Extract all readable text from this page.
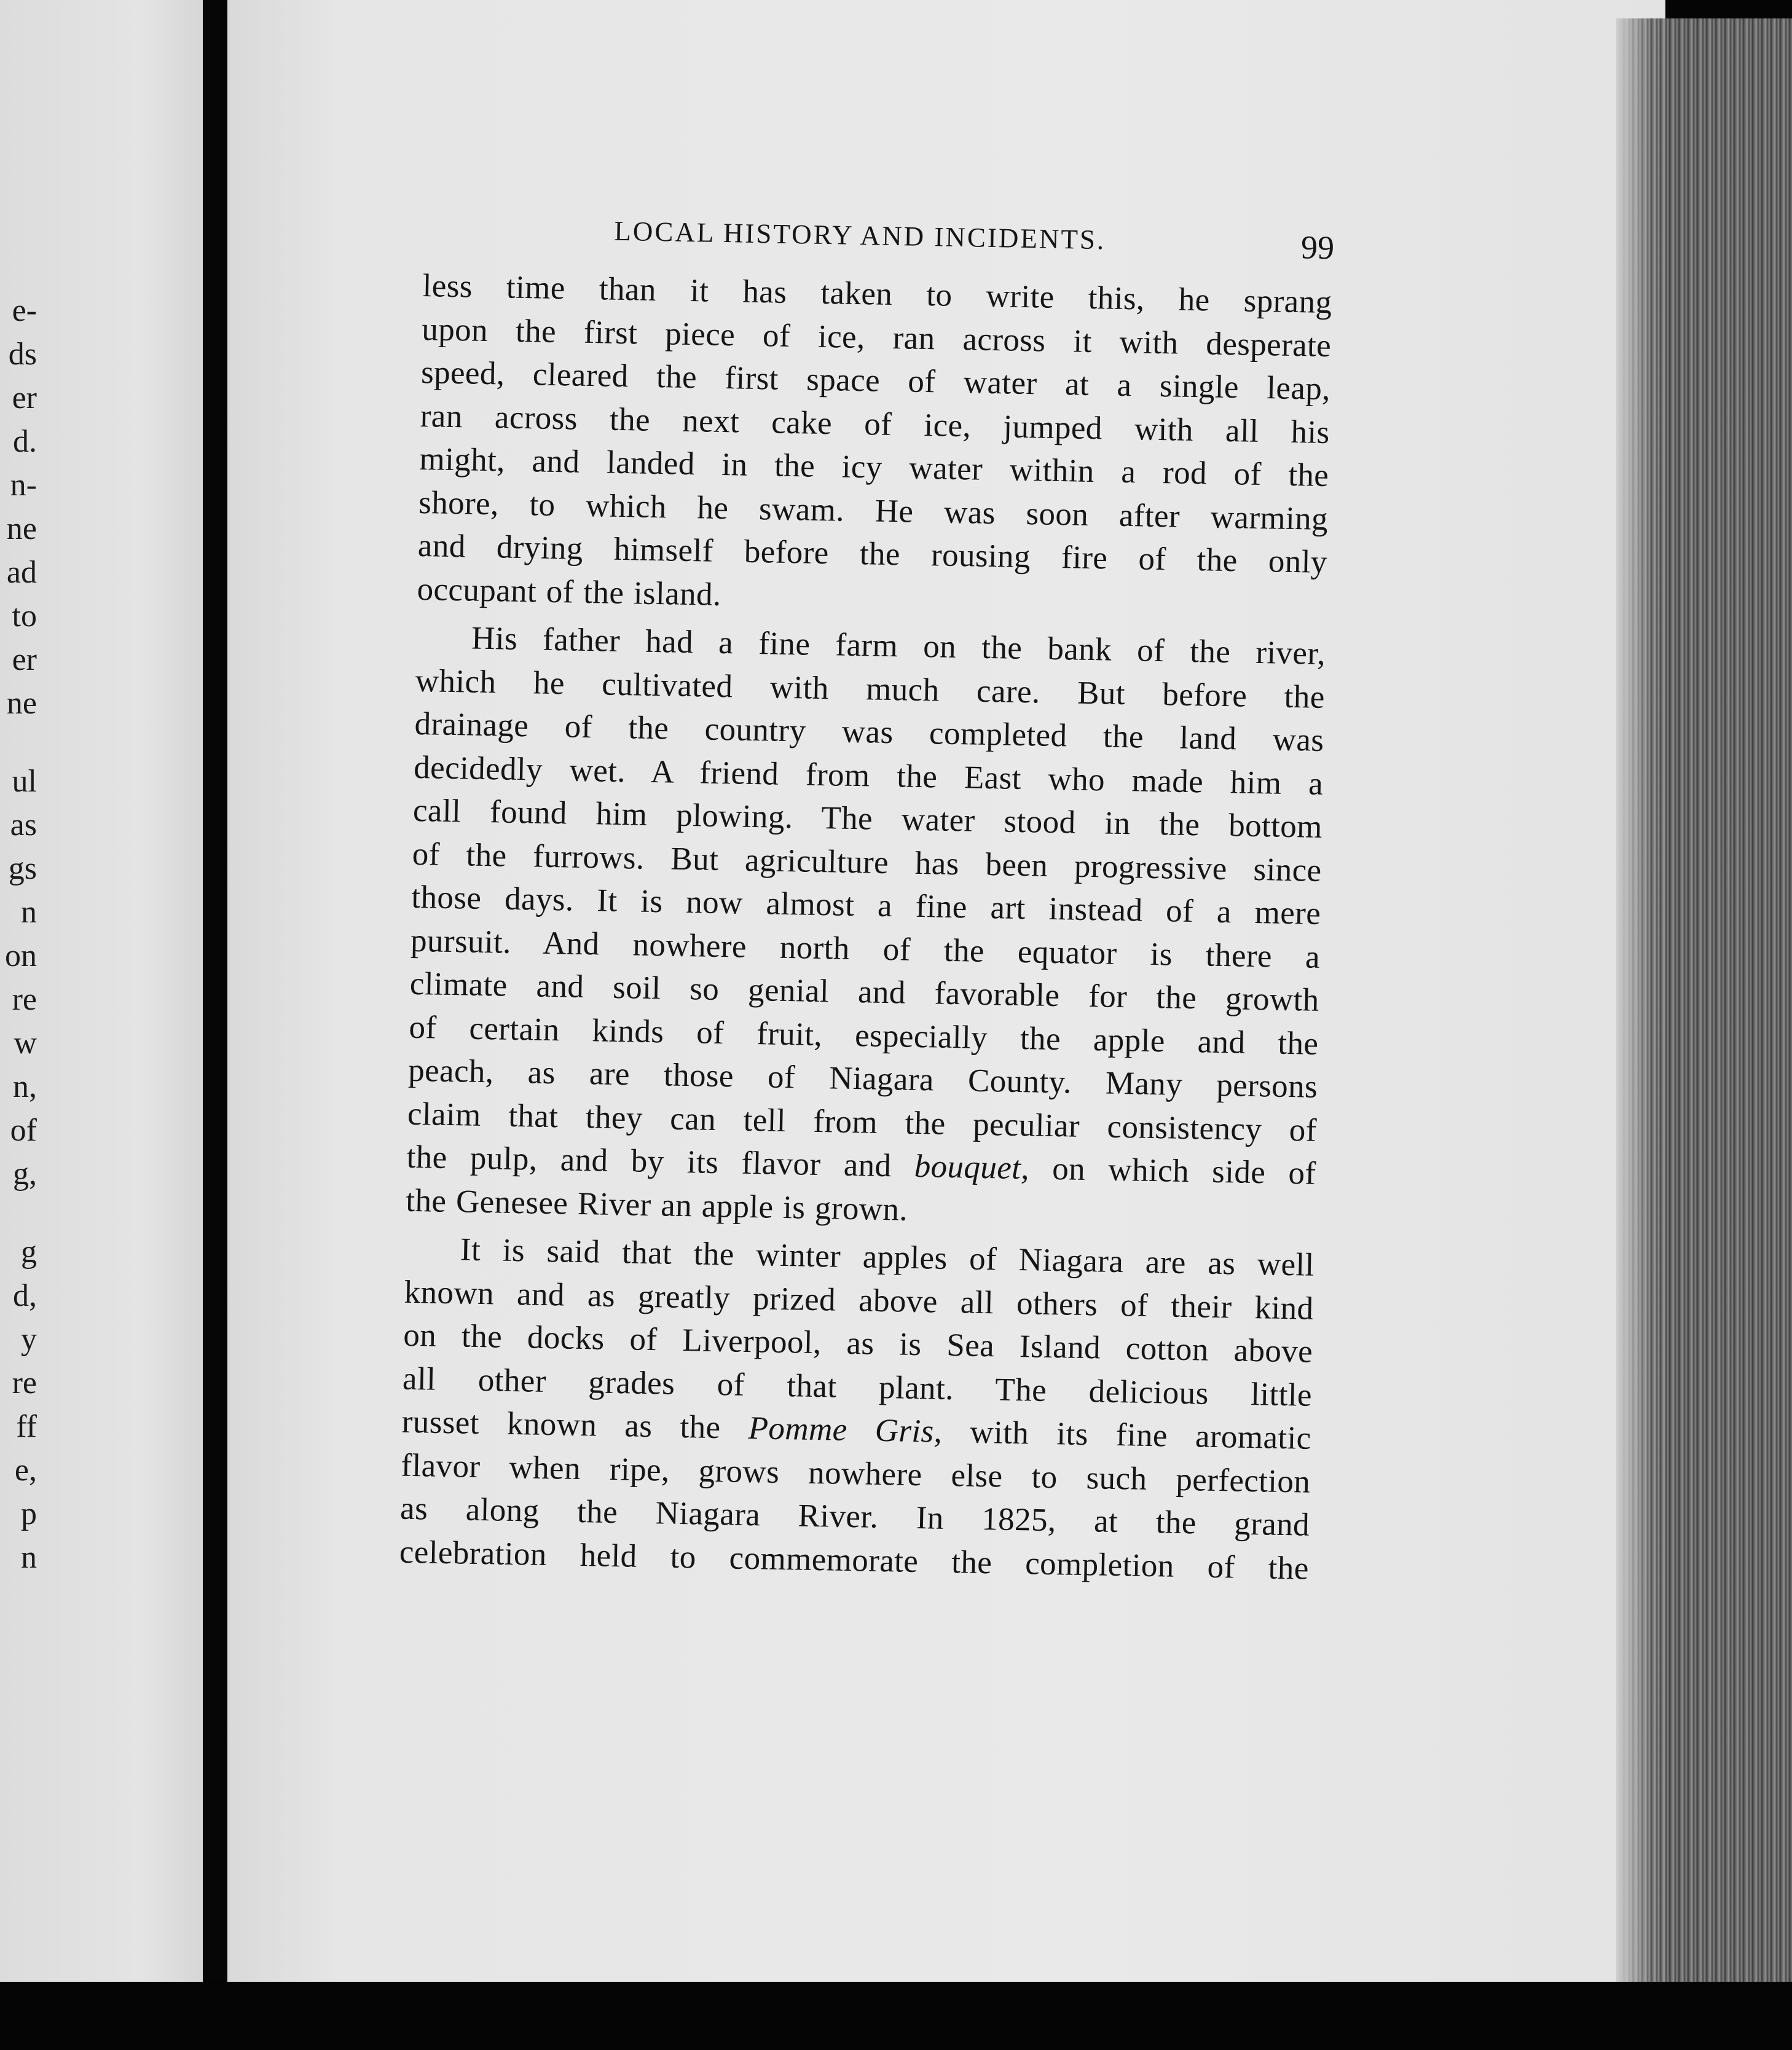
e-
ds
er
d.
n-
ne
ad
to
er
ne
ul
as
gs
n
on
re
w
n,
of
g,
g
d,
y
re
ff
e,
p
n
LOCAL HISTORY AND INCIDENTS.	99

less time than it has taken to write this, he sprang
upon the first piece of ice, ran across it with desperate
speed, cleared the first space of water at a single leap,
ran across the next cake of ice, jumped with all his
might, and landed in the icy water within a rod of the
shore, to which he swam. He was soon after warming
and drying himself before the rousing fire of the only
occupant of the island.

His father had a fine farm on the bank of the river,
which he cultivated with much care. But before the
drainage of the country was completed the land was
decidedly wet. A friend from the East who made him a
call found him plowing. The water stood in the bottom
of the furrows. But agriculture has been progressive since
those days. It is now almost a fine art instead of a mere
pursuit. And nowhere north of the equator is there a
climate and soil so genial and favorable for the growth
of certain kinds of fruit, especially the apple and the
peach, as are those of Niagara County. Many persons
claim that they can tell from the peculiar consistency of
the pulp, and by its flavor and bouquet, on which side of
the Genesee River an apple is grown.

It is said that the winter apples of Niagara are as well
known and as greatly prized above all others of their kind
on the docks of Liverpool, as is Sea Island cotton above
all other grades of that plant. The delicious little
russet known as the Pomme Gris, with its fine aromatic
flavor when ripe, grows nowhere else to such perfection
as along the Niagara River. In 1825, at the grand
celebration held to commemorate the completion of the
